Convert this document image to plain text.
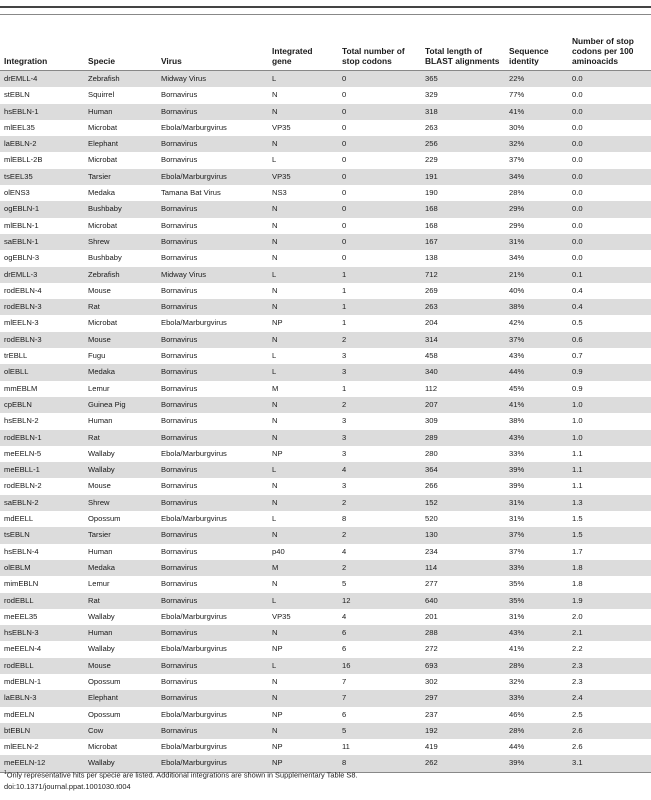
Integration	Specie	Virus	Integrated gene	Total number of stop codons	Total length of BLAST alignments	Sequence identity	Number of stop codons per 100 aminoacids
drEMLL-4	Zebrafish	Midway Virus	L	0	365	22%	0.0
stEBLN	Squirrel	Bornavirus	N	0	329	77%	0.0
hsEBLN-1	Human	Bornavirus	N	0	318	41%	0.0
mlEEL35	Microbat	Ebola/Marburgvirus	VP35	0	263	30%	0.0
laEBLN-2	Elephant	Bornavirus	N	0	256	32%	0.0
mlEBLL-2B	Microbat	Bornavirus	L	0	229	37%	0.0
tsEEL35	Tarsier	Ebola/Marburgvirus	VP35	0	191	34%	0.0
olENS3	Medaka	Tamana Bat Virus	NS3	0	190	28%	0.0
ogEBLN-1	Bushbaby	Bornavirus	N	0	168	29%	0.0
mlEBLN-1	Microbat	Bornavirus	N	0	168	29%	0.0
saEBLN-1	Shrew	Bornavirus	N	0	167	31%	0.0
ogEBLN-3	Bushbaby	Bornavirus	N	0	138	34%	0.0
drEMLL-3	Zebrafish	Midway Virus	L	1	712	21%	0.1
rodEBLN-4	Mouse	Bornavirus	N	1	269	40%	0.4
rodEBLN-3	Rat	Bornavirus	N	1	263	38%	0.4
mlEELN-3	Microbat	Ebola/Marburgvirus	NP	1	204	42%	0.5
rodEBLN-3	Mouse	Bornavirus	N	2	314	37%	0.6
trEBLL	Fugu	Bornavirus	L	3	458	43%	0.7
olEBLL	Medaka	Bornavirus	L	3	340	44%	0.9
mmEBLM	Lemur	Bornavirus	M	1	112	45%	0.9
cpEBLN	Guinea Pig	Bornavirus	N	2	207	41%	1.0
hsEBLN-2	Human	Bornavirus	N	3	309	38%	1.0
rodEBLN-1	Rat	Bornavirus	N	3	289	43%	1.0
meEELN-5	Wallaby	Ebola/Marburgvirus	NP	3	280	33%	1.1
meEBLL-1	Wallaby	Bornavirus	L	4	364	39%	1.1
rodEBLN-2	Mouse	Bornavirus	N	3	266	39%	1.1
saEBLN-2	Shrew	Bornavirus	N	2	152	31%	1.3
mdEELL	Opossum	Ebola/Marburgvirus	L	8	520	31%	1.5
tsEBLN	Tarsier	Bornavirus	N	2	130	37%	1.5
hsEBLN-4	Human	Bornavirus	p40	4	234	37%	1.7
olEBLM	Medaka	Bornavirus	M	2	114	33%	1.8
mimEBLN	Lemur	Bornavirus	N	5	277	35%	1.8
rodEBLL	Rat	Bornavirus	L	12	640	35%	1.9
meEEL35	Wallaby	Ebola/Marburgvirus	VP35	4	201	31%	2.0
hsEBLN-3	Human	Bornavirus	N	6	288	43%	2.1
meEELN-4	Wallaby	Ebola/Marburgvirus	NP	6	272	41%	2.2
rodEBLL	Mouse	Bornavirus	L	16	693	28%	2.3
mdEBLN-1	Opossum	Bornavirus	N	7	302	32%	2.3
laEBLN-3	Elephant	Bornavirus	N	7	297	33%	2.4
mdEELN	Opossum	Ebola/Marburgvirus	NP	6	237	46%	2.5
btEBLN	Cow	Bornavirus	N	5	192	28%	2.6
mlEELN-2	Microbat	Ebola/Marburgvirus	NP	11	419	44%	2.6
meEELN-12	Wallaby	Ebola/Marburgvirus	NP	8	262	39%	3.1
$^1$Only representative hits per specie are listed. Additional integrations are shown in Supplementary Table S8.
doi:10.1371/journal.ppat.1001030.t004
